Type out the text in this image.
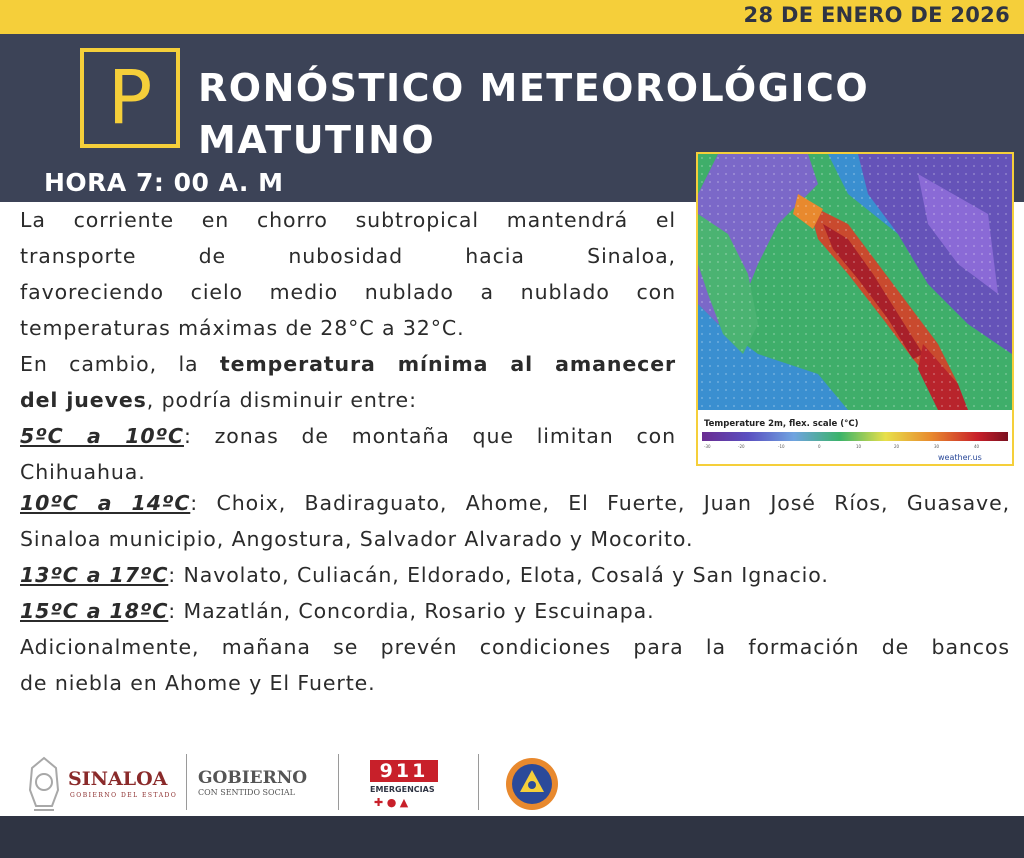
28 DE ENERO DE 2026
P	RONÓSTICO METEOROLÓGICO
MATUTINO
HORA 7: 00 A. M
Temperature 2m, flex. scale (°C)
-30	-20	-10	0	10	20	30	40
weather.us
La corriente en chorro subtropical mantendrá el
transporte	de	nubosidad	hacia	Sinaloa,
favoreciendo cielo medio nublado a nublado con
temperaturas máximas de 28°C a 32°C.
En cambio, la temperatura mínima al amanecer
del jueves, podría disminuir entre:
5ºC a 10ºC: zonas de montaña que limitan con
Chihuahua.
10ºC a 14ºC: Choix, Badiraguato, Ahome, El Fuerte, Juan José Ríos, Guasave,
Sinaloa municipio, Angostura, Salvador Alvarado y Mocorito.
13ºC a 17ºC: Navolato, Culiacán, Eldorado, Elota, Cosalá y San Ignacio.
15ºC a 18ºC: Mazatlán, Concordia, Rosario y Escuinapa.
Adicionalmente, mañana se prevén condiciones para la formación de bancos
de niebla en Ahome y El Fuerte.
SINALOA
GOBIERNO DEL ESTADO
GOBIERNO
CON SENTIDO SOCIAL
911
EMERGENCIAS
✚ ● ▲
